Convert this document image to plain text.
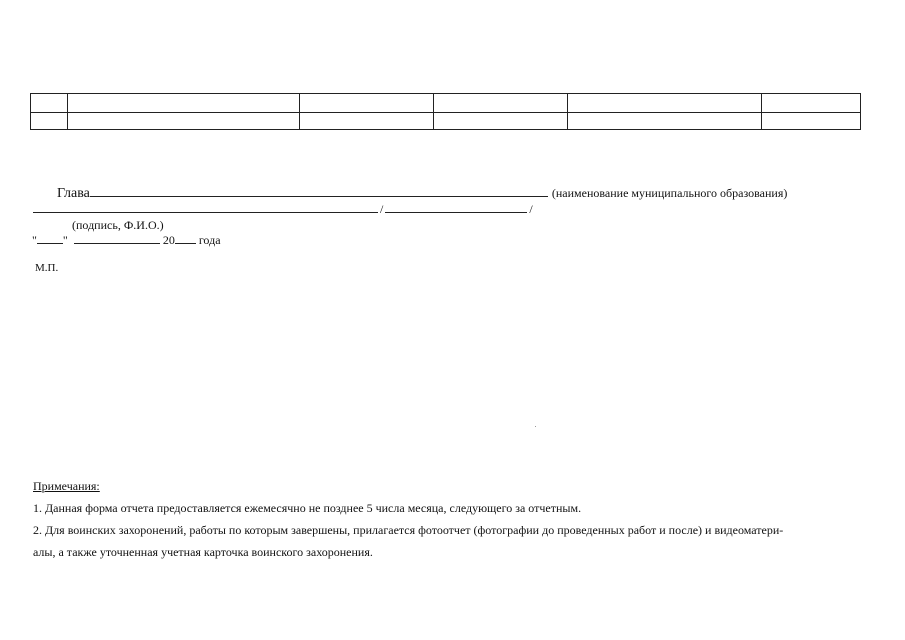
Глава	(наименование муниципального образования)
/	/
(подпись, Ф.И.О.)
" "	20 года
М.П.
Примечания:
1. Данная форма отчета предоставляется ежемесячно не позднее 5 числа месяца, следующего за отчетным.
2. Для воинских захоронений, работы по которым завершены, прилагается фотоотчет (фотографии до проведенных работ и после) и видеоматери-
алы, а также уточненная учетная карточка воинского захоронения.
